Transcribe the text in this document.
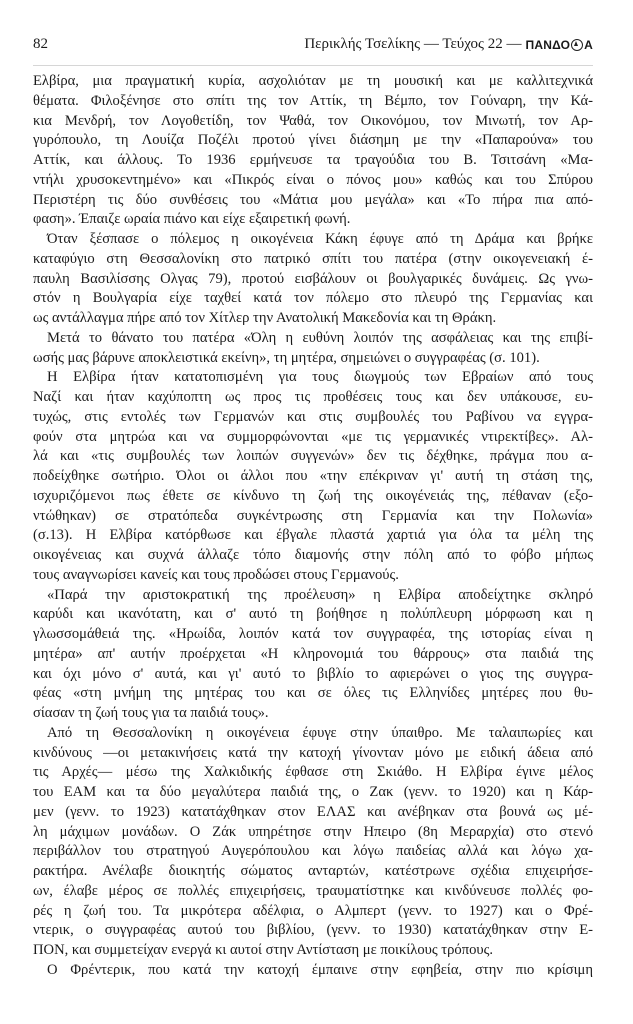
82	Περικλής Τσελίκης — Τεύχος 22 — ΠΑΝΔΟ Α
Ελβίρα, μια πραγματική κυρία, ασχολιόταν με τη μουσική και με καλλιτεχνικά
θέματα. Φιλοξένησε στο σπίτι της τον Αττίκ, τη Βέμπο, τον Γούναρη, την Κά-
κια Μενδρή, τον Λογοθετίδη, τον Ψαθά, τον Οικονόμου, τον Μινωτή, τον Αρ-
γυρόπουλο, τη Λουίζα Ποζέλι προτού γίνει διάσημη με την «Παπαρούνα» του
Αττίκ, και άλλους. Το 1936 ερμήνευσε τα τραγούδια του Β. Τσιτσάνη «Μα-
ντήλι χρυσοκεντημένο» και «Πικρός είναι ο πόνος μου» καθώς και του Σπύρου
Περιστέρη τις δύο συνθέσεις του «Μάτια μου μεγάλα» και «Το πήρα πια από-
φαση». Έπαιζε ωραία πιάνο και είχε εξαιρετική φωνή.
Όταν ξέσπασε ο πόλεμος η οικογένεια Κάκη έφυγε από τη Δράμα και βρήκε
καταφύγιο στη Θεσσαλονίκη στο πατρικό σπίτι του πατέρα (στην οικογενειακή έ-
παυλη Βασιλίσσης Ολγας 79), προτού εισβάλουν οι βουλγαρικές δυνάμεις. Ως γνω-
στόν η Βουλγαρία είχε ταχθεί κατά τον πόλεμο στο πλευρό της Γερμανίας και
ως αντάλλαγμα πήρε από τον Χίτλερ την Ανατολική Μακεδονία και τη Θράκη.
Μετά το θάνατο του πατέρα «Όλη η ευθύνη λοιπόν της ασφάλειας και της επιβί-
ωσής μας βάρυνε αποκλειστικά εκείνη», τη μητέρα, σημειώνει ο συγγραφέας (σ. 101).
Η Ελβίρα ήταν κατατοπισμένη για τους διωγμούς των Εβραίων από τους
Ναζί και ήταν καχύποπτη ως προς τις προθέσεις τους και δεν υπάκουσε, ευ-
τυχώς, στις εντολές των Γερμανών και στις συμβουλές του Ραβίνου να εγγρα-
φούν στα μητρώα και να συμμορφώνονται «με τις γερμανικές ντιρεκτίβες». Αλ-
λά και «τις συμβουλές των λοιπών συγγενών» δεν τις δέχθηκε, πράγμα που α-
ποδείχθηκε σωτήριο. Όλοι οι άλλοι που «την επέκριναν γι' αυτή τη στάση της,
ισχυριζόμενοι πως έθετε σε κίνδυνο τη ζωή της οικογένειάς της, πέθαναν (εξο-
ντώθηκαν) σε στρατόπεδα συγκέντρωσης στη Γερμανία και την Πολωνία»
(σ.13). Η Ελβίρα κατόρθωσε και έβγαλε πλαστά χαρτιά για όλα τα μέλη της
οικογένειας και συχνά άλλαζε τόπο διαμονής στην πόλη από το φόβο μήπως
τους αναγνωρίσει κανείς και τους προδώσει στους Γερμανούς.
«Παρά την αριστοκρατική της προέλευση» η Ελβίρα αποδείχτηκε σκληρό
καρύδι και ικανότατη, και σ' αυτό τη βοήθησε η πολύπλευρη μόρφωση και η
γλωσσομάθειά της. «Ηρωίδα, λοιπόν κατά τον συγγραφέα, της ιστορίας είναι η
μητέρα» απ' αυτήν προέρχεται «Η κληρονομιά του θάρρους» στα παιδιά της
και όχι μόνο σ' αυτά, και γι' αυτό το βιβλίο το αφιερώνει ο γιος της συγγρα-
φέας «στη μνήμη της μητέρας του και σε όλες τις Ελληνίδες μητέρες που θυ-
σίασαν τη ζωή τους για τα παιδιά τους».
Από τη Θεσσαλονίκη η οικογένεια έφυγε στην ύπαιθρο. Με ταλαιπωρίες και
κινδύνους —οι μετακινήσεις κατά την κατοχή γίνονταν μόνο με ειδική άδεια από
τις Αρχές— μέσω της Χαλκιδικής έφθασε στη Σκιάθο. Η Ελβίρα έγινε μέλος
του ΕΑΜ και τα δύο μεγαλύτερα παιδιά της, ο Ζακ (γενν. το 1920) και η Κάρ-
μεν (γενν. το 1923) κατατάχθηκαν στον ΕΛΑΣ και ανέβηκαν στα βουνά ως μέ-
λη μάχιμων μονάδων. Ο Ζάκ υπηρέτησε στην Ηπειρο (8η Μεραρχία) στο στενό
περιβάλλον του στρατηγού Αυγερόπουλου και λόγω παιδείας αλλά και λόγω χα-
ρακτήρα. Ανέλαβε διοικητής σώματος ανταρτών, κατέστρωνε σχέδια επιχειρήσε-
ων, έλαβε μέρος σε πολλές επιχειρήσεις, τραυματίστηκε και κινδύνευσε πολλές φο-
ρές η ζωή του. Τα μικρότερα αδέλφια, ο Αλμπερτ (γενν. το 1927) και ο Φρέ-
ντερικ, ο συγγραφέας αυτού του βιβλίου, (γενν. το 1930) κατατάχθηκαν στην Ε-
ΠΟΝ, και συμμετείχαν ενεργά κι αυτοί στην Αντίσταση με ποικίλους τρόπους.
Ο Φρέντερικ, που κατά την κατοχή έμπαινε στην εφηβεία, στην πιο κρίσιμη
